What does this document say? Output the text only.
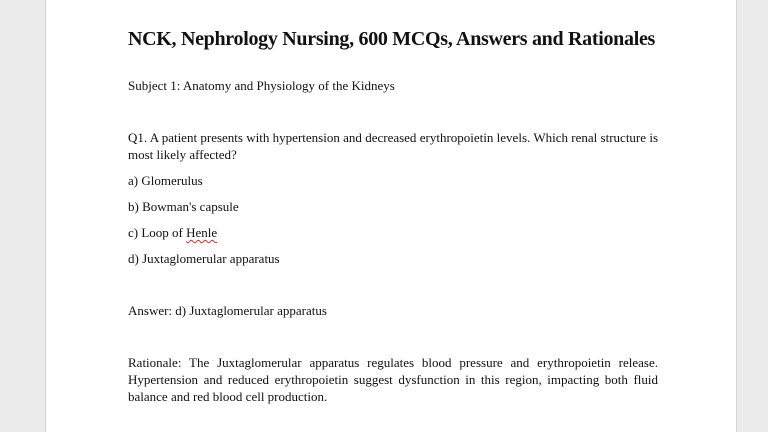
NCK, Nephrology Nursing, 600 MCQs, Answers and Rationales

Subject 1: Anatomy and Physiology of the Kidneys

Q1. A patient presents with hypertension and decreased erythropoietin levels. Which renal structure is most likely affected?

a) Glomerulus

b) Bowman's capsule

c) Loop of Henle

d) Juxtaglomerular apparatus

Answer: d) Juxtaglomerular apparatus

Rationale: The Juxtaglomerular apparatus regulates blood pressure and erythropoietin release. Hypertension and reduced erythropoietin suggest dysfunction in this region, impacting both fluid balance and red blood cell production.
